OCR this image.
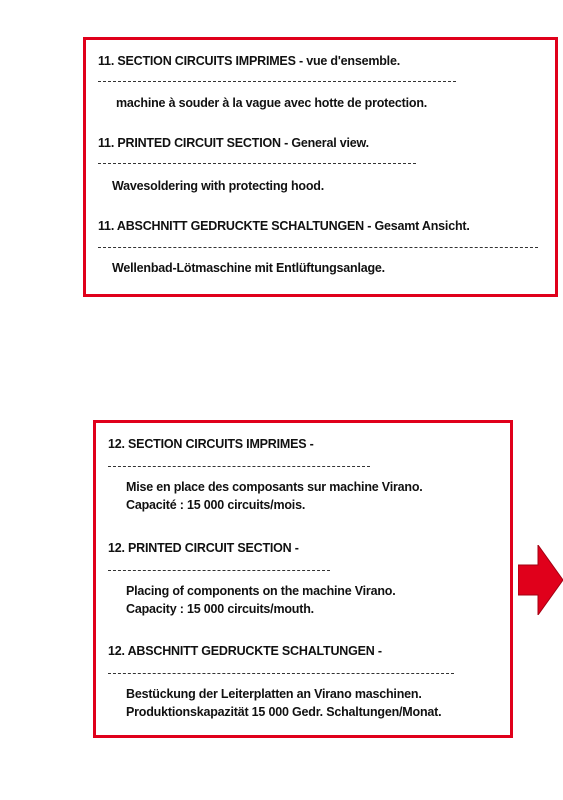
11. SECTION CIRCUITS IMPRIMES - vue d'ensemble.
machine à souder à la vague avec hotte de protection.
11. PRINTED CIRCUIT SECTION - General view.
Wavesoldering with protecting hood.
11. ABSCHNITT GEDRUCKTE SCHALTUNGEN - Gesamt Ansicht.
Wellenbad-Lötmaschine mit Entlüftungsanlage.
12. SECTION CIRCUITS IMPRIMES -
Mise en place des composants sur machine Virano.
Capacité : 15 000 circuits/mois.
12. PRINTED CIRCUIT SECTION -
Placing of components on the machine Virano.
Capacity : 15 000 circuits/mouth.
12. ABSCHNITT GEDRUCKTE SCHALTUNGEN -
Bestückung der Leiterplatten an Virano maschinen.
Produktionskapazität 15 000 Gedr. Schaltungen/Monat.
